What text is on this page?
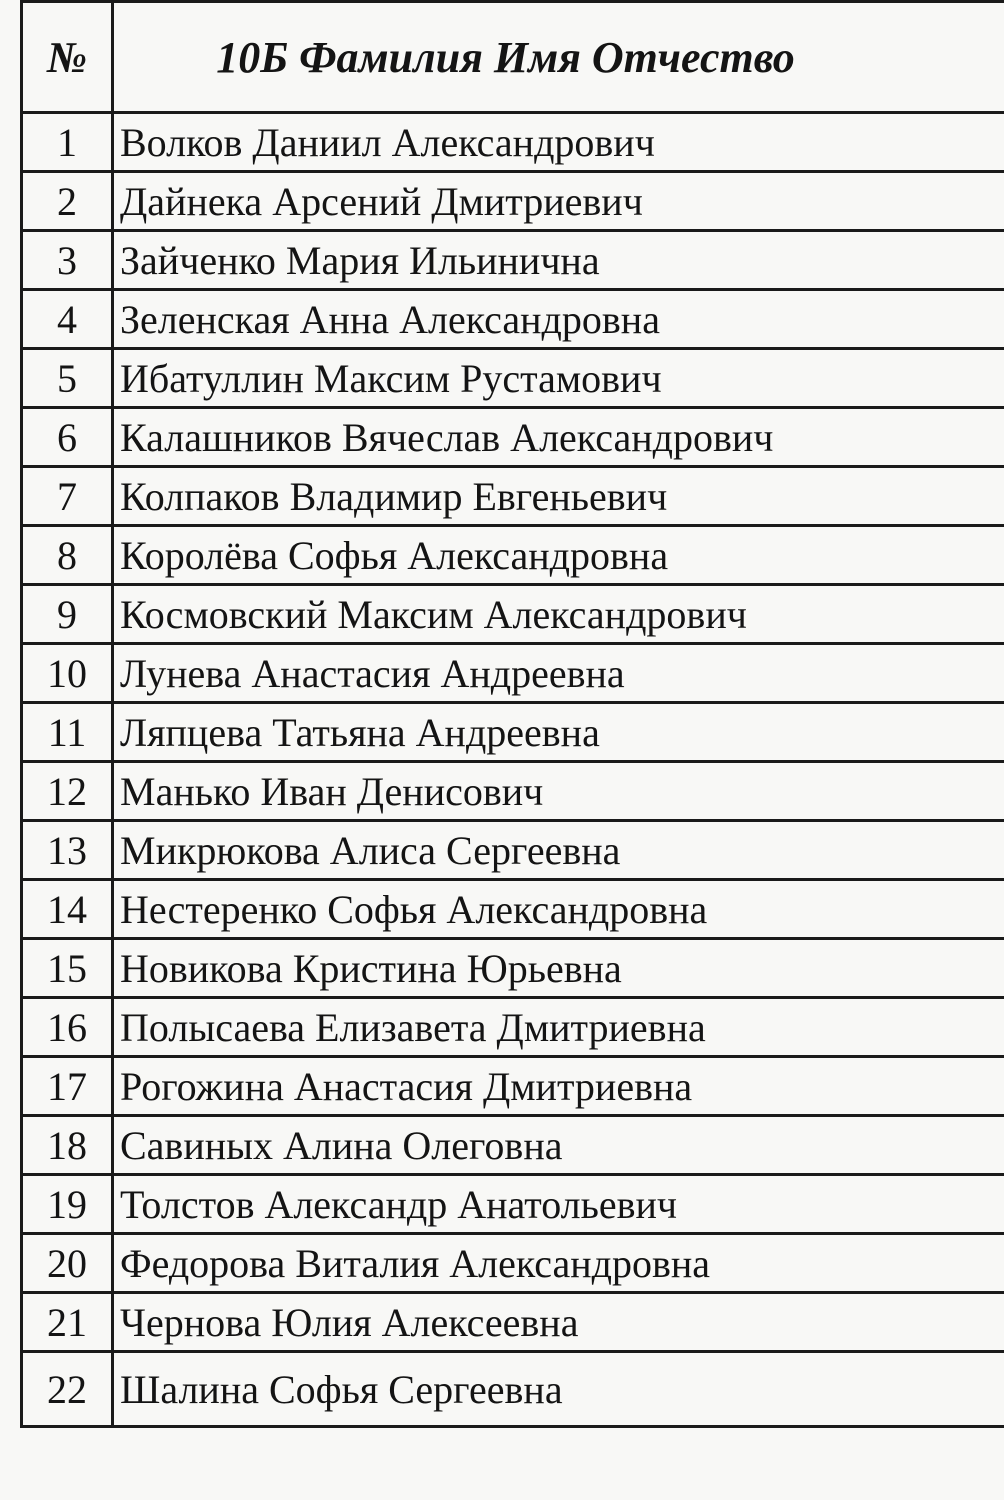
№	10Б Фамилия Имя Отчество
1	Волков Даниил Александрович
2	Дайнека Арсений Дмитриевич
3	Зайченко Мария Ильинична
4	Зеленская Анна Александровна
5	Ибатуллин Максим Рустамович
6	Калашников Вячеслав Александрович
7	Колпаков Владимир Евгеньевич
8	Королёва Софья Александровна
9	Космовский Максим Александрович
10	Лунева Анастасия Андреевна
11	Ляпцева Татьяна Андреевна
12	Манько Иван Денисович
13	Микрюкова Алиса Сергеевна
14	Нестеренко Софья Александровна
15	Новикова Кристина Юрьевна
16	Полысаева Елизавета Дмитриевна
17	Рогожина Анастасия Дмитриевна
18	Савиных Алина Олеговна
19	Толстов Александр Анатольевич
20	Федорова Виталия Александровна
21	Чернова Юлия Алексеевна
22	Шалина Софья Сергеевна
